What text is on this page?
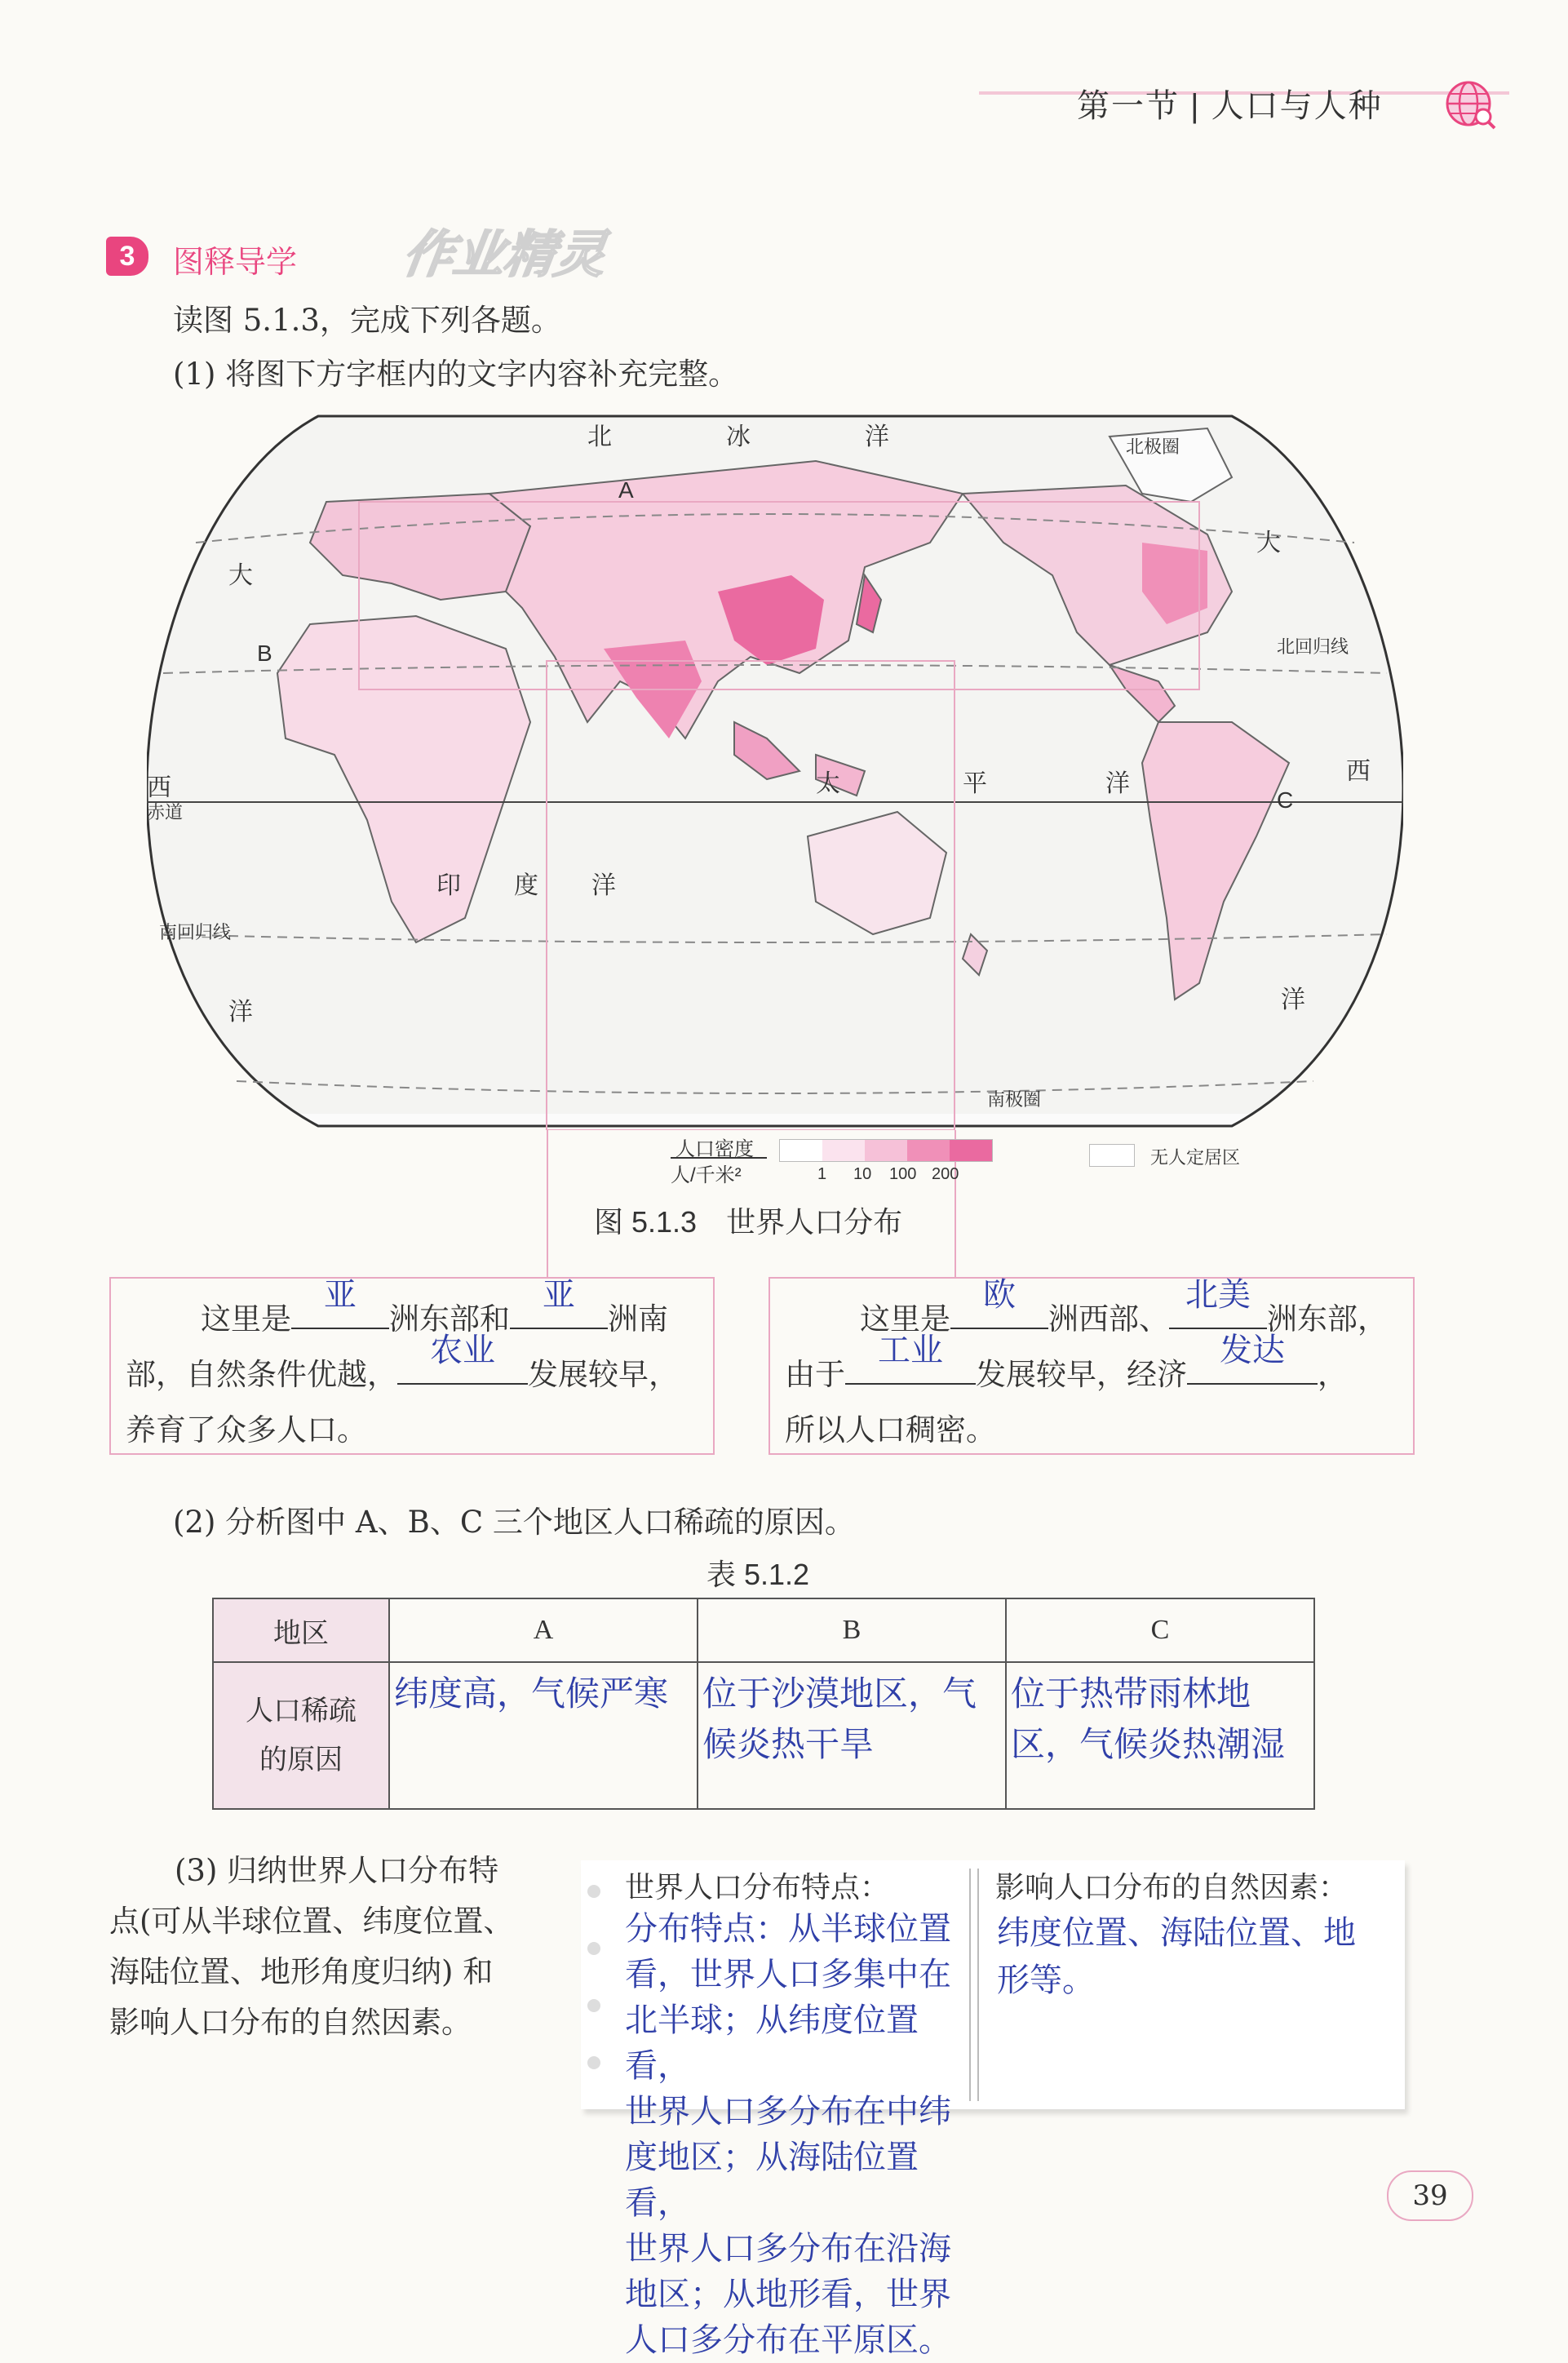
第一节 | 人口与人种
3	图释导学 作业精灵
读图 5.1.3，完成下列各题。
(1) 将图下方字框内的文字内容补充完整。
北	冰	洋
大
西
洋
大
西
洋
太	平	洋
印 度 洋
北极圈
北回归线
赤道
南回归线
南极圈
A
B
C
人口密度
人/千米²	1 10 100 200
无人定居区
图 5.1.3　世界人口分布
这里是
亚
洲东部和
亚
洲南
部，自然条件优越，
农业
发展较早，
养育了众多人口。
这里是
欧
洲西部、
北美
洲东部，
由于
工业
发展较早，经济
发达
，
所以人口稠密。
(2) 分析图中 A、B、C 三个地区人口稀疏的原因。
表 5.1.2
地区	A	B	C

人口稀疏
的原因	纬度高，气候严寒	位于沙漠地区，气候炎热干旱	位于热带雨林地区，气候炎热潮湿
(3) 归纳世界人口分布特
点(可从半球位置、纬度位置、
海陆位置、地形角度归纳) 和
影响人口分布的自然因素。
世界人口分布特点：
分布特点：从半球位置
看，世界人口多集中在
北半球；从纬度位置看，
世界人口多分布在中纬
度地区；从海陆位置看，
世界人口多分布在沿海
地区；从地形看，世界
人口多分布在平原区。
影响人口分布的自然因素：
纬度位置、海陆位置、地
形等。
39
